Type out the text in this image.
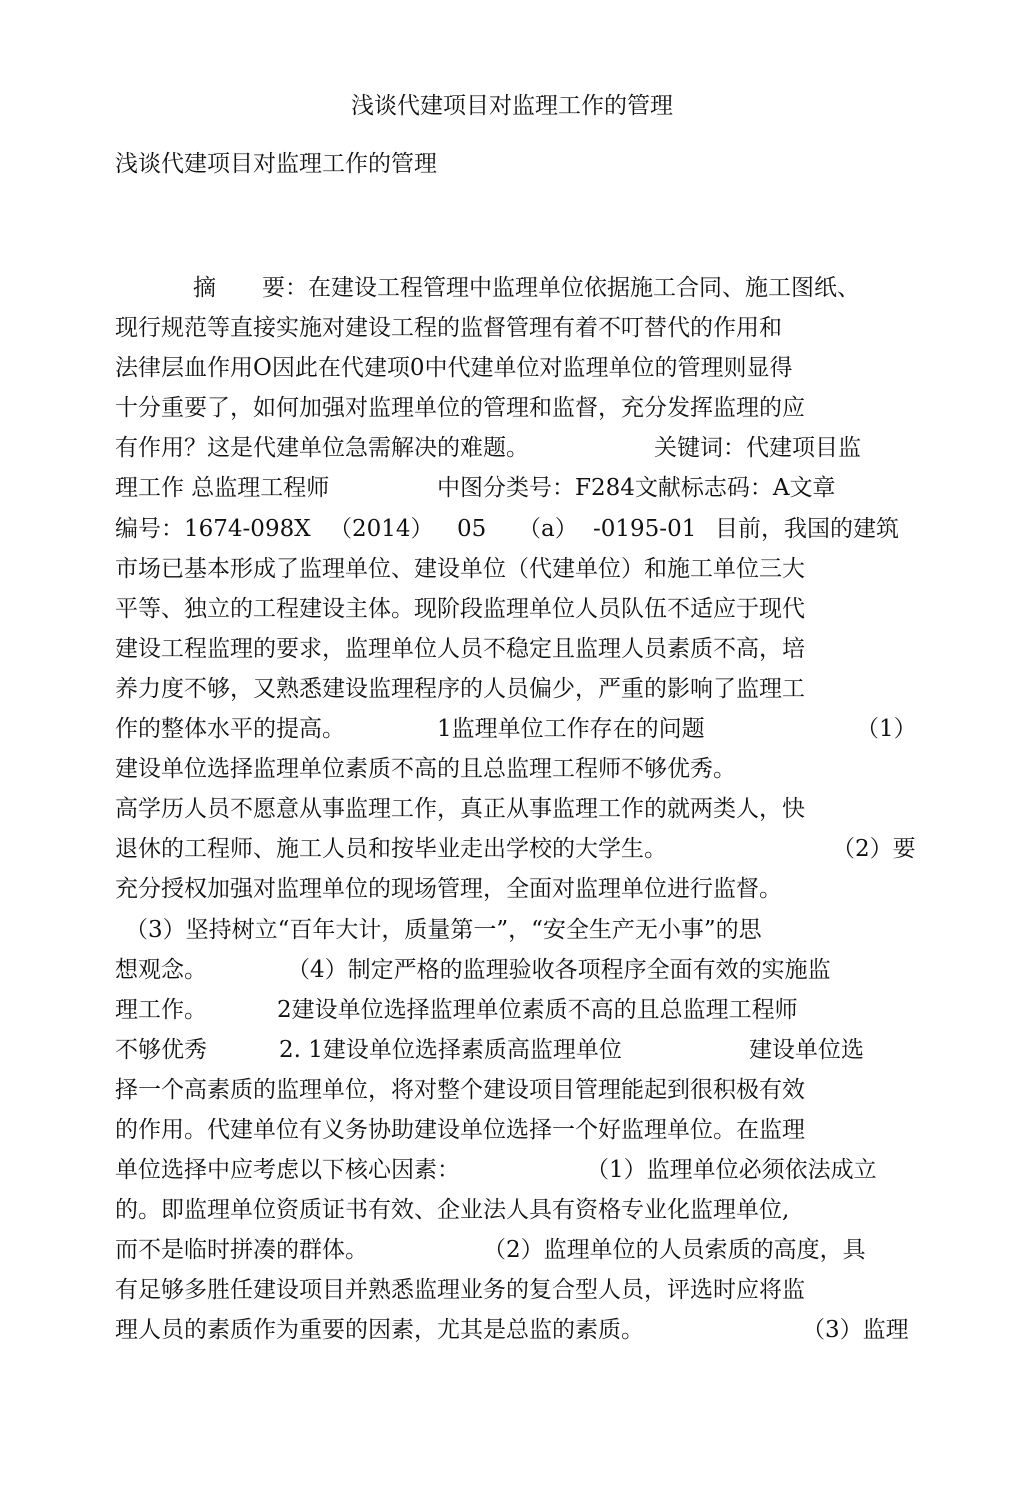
浅谈代建项目对监理工作的管理
浅谈代建项目对监理工作的管理
摘　　要：在建设工程管理中监理单位依据施工合同、施工图纸、
现行规范等直接实施对建设工程的监督管理有着不叮替代的作用和
法律层血作用O因此在代建项0中代建单位对监理单位的管理则显得
十分重要了，如何加强对监理单位的管理和监督，充分发挥监理的应
有作用？这是代建单位急需解决的难题。	关键词：代建项目监
理工作 总监理工程师	中图分类号：F284文献标志码：A文章
编号：1674-098X （2014） 05 （a） -0195-01 目前，我国的建筑
市场已基本形成了监理单位、建设单位（代建单位）和施工单位三大
平等、独立的工程建设主体。现阶段监理单位人员队伍不适应于现代
建设工程监理的要求，监理单位人员不稳定且监理人员素质不高，培
养力度不够，又熟悉建设监理程序的人员偏少，严重的影响了监理工
作的整体水平的提高。	1监理单位工作存在的问题	（1）
建设单位选择监理单位素质不高的且总监理工程师不够优秀。
高学历人员不愿意从事监理工作，真正从事监理工作的就两类人，快
退休的工程师、施工人员和按毕业走出学校的大学生。	（2）要
充分授权加强对监理单位的现场管理，全面对监理单位进行监督。
（3）坚持树立“百年大计，质量第一”，“安全生产无小事”的思
想观念。	（4）制定严格的监理验收各项程序全面有效的实施监
理工作。	2建设单位选择监理单位素质不高的且总监理工程师
不够优秀	2. 1建设单位选择素质高监理单位	建设单位选
择一个高素质的监理单位，将对整个建设项目管理能起到很积极有效
的作用。代建单位有义务协助建设单位选择一个好监理单位。在监理
单位选择中应考虑以下核心因素：	（1）监理单位必须依法成立
的。即监理单位资质证书有效、企业法人具有资格专业化监理单位,
而不是临时拼凑的群体。	（2）监理单位的人员索质的高度，具
有足够多胜任建设项目并熟悉监理业务的复合型人员，评选时应将监
理人员的素质作为重要的因素，尤其是总监的素质。	（3）监理
